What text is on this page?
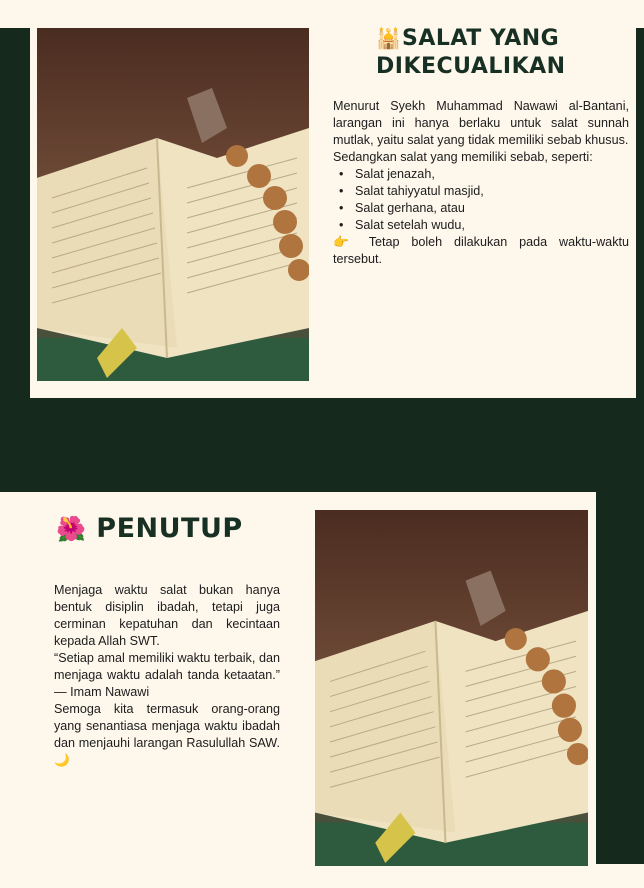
🕌SALAT YANG
DIKECUALIKAN

Menurut Syekh Muhammad Nawawi al-Bantani, larangan ini hanya berlaku untuk salat sunnah mutlak, yaitu salat yang tidak memiliki sebab khusus.

Sedangkan salat yang memiliki sebab, seperti:

• Salat jenazah,
• Salat tahiyyatul masjid,
• Salat gerhana, atau
• Salat setelah wudu,

👉 Tetap boleh dilakukan pada waktu-waktu tersebut.

🌺 PENUTUP

Menjaga waktu salat bukan hanya bentuk disiplin ibadah, tetapi juga cerminan kepatuhan dan kecintaan kepada Allah SWT.

“Setiap amal memiliki waktu terbaik, dan menjaga waktu adalah tanda ketaatan.” — Imam Nawawi

Semoga kita termasuk orang-orang yang senantiasa menjaga waktu ibadah dan menjauhi larangan Rasulullah SAW. 🌙
